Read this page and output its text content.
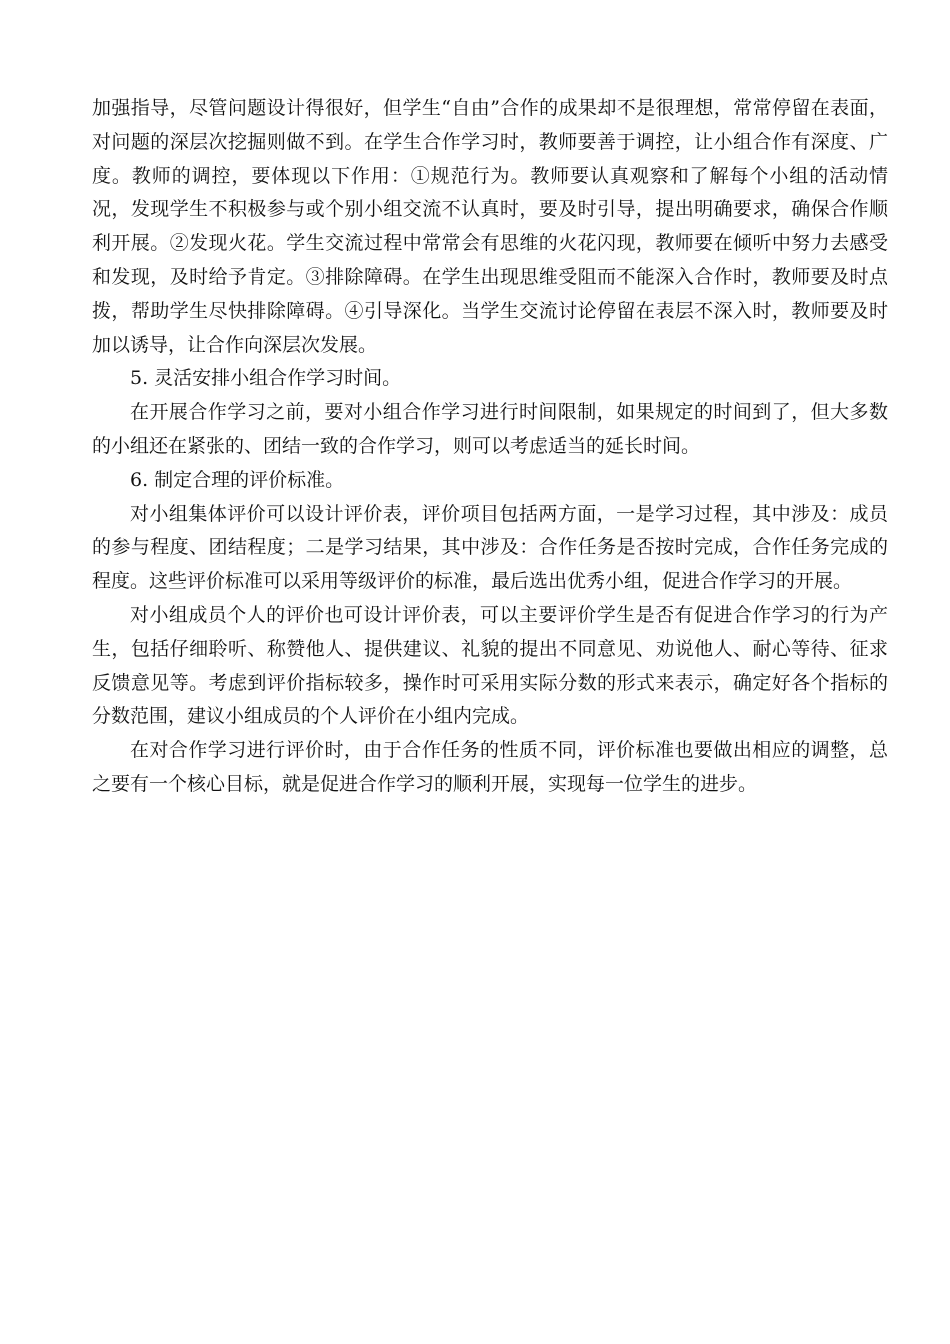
加强指导，尽管问题设计得很好，但学生“自由”合作的成果却不是很理想，常常停留在表面，对问题的深层次挖掘则做不到。在学生合作学习时，教师要善于调控，让小组合作有深度、广度。教师的调控，要体现以下作用：①规范行为。教师要认真观察和了解每个小组的活动情况，发现学生不积极参与或个别小组交流不认真时，要及时引导，提出明确要求，确保合作顺利开展。②发现火花。学生交流过程中常常会有思维的火花闪现，教师要在倾听中努力去感受和发现，及时给予肯定。③排除障碍。在学生出现思维受阻而不能深入合作时，教师要及时点拨，帮助学生尽快排除障碍。④引导深化。当学生交流讨论停留在表层不深入时，教师要及时加以诱导，让合作向深层次发展。

5. 灵活安排小组合作学习时间。

在开展合作学习之前，要对小组合作学习进行时间限制，如果规定的时间到了，但大多数的小组还在紧张的、团结一致的合作学习，则可以考虑适当的延长时间。

6. 制定合理的评价标准。

对小组集体评价可以设计评价表，评价项目包括两方面，一是学习过程，其中涉及：成员的参与程度、团结程度；二是学习结果，其中涉及：合作任务是否按时完成，合作任务完成的程度。这些评价标准可以采用等级评价的标准，最后选出优秀小组，促进合作学习的开展。

对小组成员个人的评价也可设计评价表，可以主要评价学生是否有促进合作学习的行为产生，包括仔细聆听、称赞他人、提供建议、礼貌的提出不同意见、劝说他人、耐心等待、征求反馈意见等。考虑到评价指标较多，操作时可采用实际分数的形式来表示，确定好各个指标的分数范围，建议小组成员的个人评价在小组内完成。

在对合作学习进行评价时，由于合作任务的性质不同，评价标准也要做出相应的调整，总之要有一个核心目标，就是促进合作学习的顺利开展，实现每一位学生的进步。
